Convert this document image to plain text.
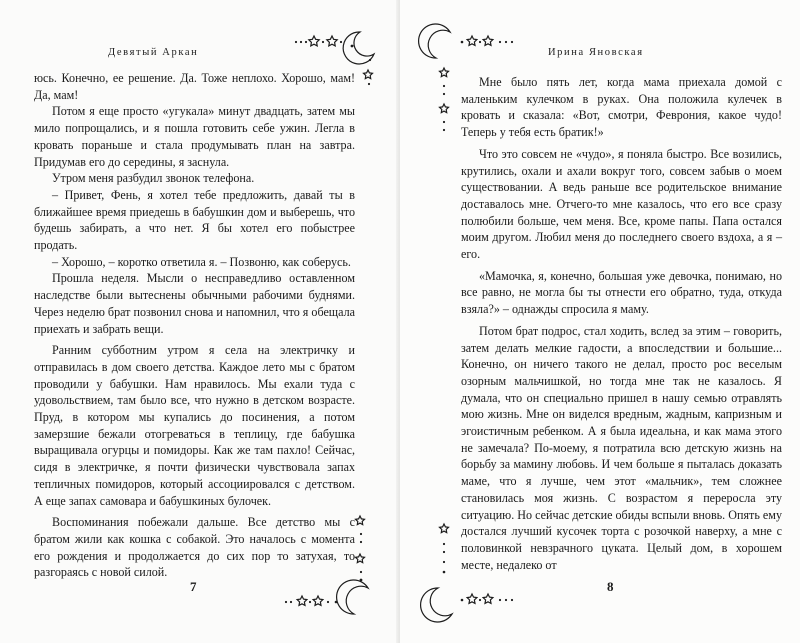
Девятый Аркан

юсь. Конечно, ее решение. Да. Тоже неплохо. Хорошо, мам! Да, мам!

Потом я еще просто «угукала» минут двадцать, затем мы мило попрощались, и я пошла готовить себе ужин. Легла в кровать пораньше и стала продумывать план на завтра. Придумав его до середины, я заснула.

Утром меня разбудил звонок телефона.

– Привет, Фень, я хотел тебе предложить, давай ты в ближайшее время приедешь в бабушкин дом и выберешь, что будешь забирать, а что нет. Я бы хотел его побыстрее продать.

– Хорошо, – коротко ответила я. – Позвоню, как соберусь.

Прошла неделя. Мысли о несправедливо оставленном наследстве были вытеснены обычными рабочими буднями. Через неделю брат позвонил снова и напомнил, что я обещала приехать и забрать вещи.

Ранним субботним утром я села на электричку и отправилась в дом своего детства. Каждое лето мы с братом проводили у бабушки. Нам нравилось. Мы ехали туда с удовольствием, там было все, что нужно в детском возрасте. Пруд, в котором мы купались до посинения, а потом замерзшие бежали отогреваться в теплицу, где бабушка выращивала огурцы и помидоры. Как же там пахло! Сейчас, сидя в электричке, я почти физически чувствовала запах тепличных помидоров, который ассоциировался с детством. А еще запах самовара и бабушкиных булочек.

Воспоминания побежали дальше. Все детство мы с братом жили как кошка с собакой. Это началось с момента его рождения и продолжается до сих пор то затухая, то разгораясь с новой силой.

7
Ирина Яновская

Мне было пять лет, когда мама приехала домой с маленьким кулечком в руках. Она положила кулечек в кровать и сказала: «Вот, смотри, Феврония, какое чудо! Теперь у тебя есть братик!»

Что это совсем не «чудо», я поняла быстро. Все возились, крутились, охали и ахали вокруг того, совсем забыв о моем существовании. А ведь раньше все родительское внимание доставалось мне. Отчего-то мне казалось, что его все сразу полюбили больше, чем меня. Все, кроме папы. Папа остался моим другом. Любил меня до последнего своего вздоха, а я – его.

«Мамочка, я, конечно, большая уже девочка, понимаю, но все равно, не могла бы ты отнести его обратно, туда, откуда взяла?» – однажды спросила я маму.

Потом брат подрос, стал ходить, вслед за этим – говорить, затем делать мелкие гадости, а впоследствии и большие... Конечно, он ничего такого не делал, просто рос веселым озорным мальчишкой, но тогда мне так не казалось. Я думала, что он специально пришел в нашу семью отравлять мою жизнь. Мне он виделся вредным, жадным, капризным и эгоистичным ребенком. А я была идеальна, и как мама этого не замечала? По-моему, я потратила всю детскую жизнь на борьбу за мамину любовь. И чем больше я пыталась доказать маме, что я лучше, чем этот «мальчик», тем сложнее становилась моя жизнь. С возрастом я переросла эту ситуацию. Но сейчас детские обиды вспыли вновь. Опять ему достался лучший кусочек торта с розочкой наверху, а мне с половинкой невзрачного цуката. Целый дом, в хорошем месте, недалеко от

8
